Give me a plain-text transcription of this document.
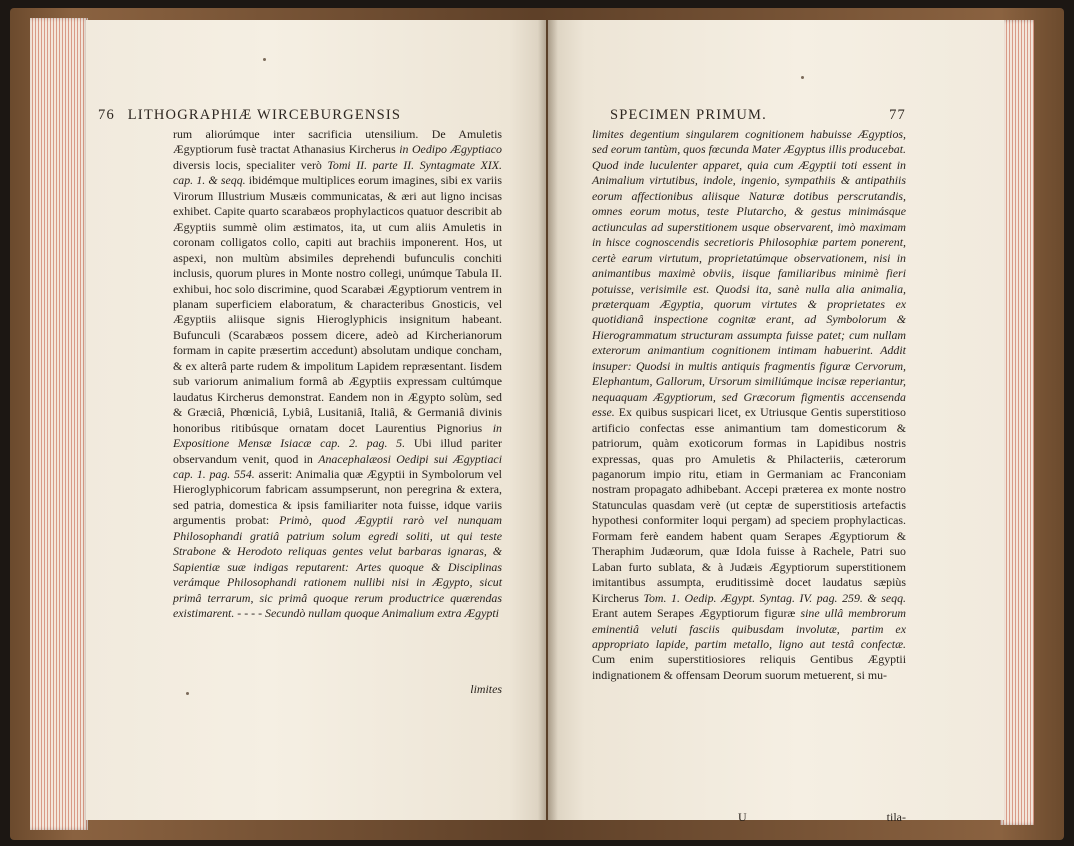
76 LITHOGRAPHIÆ WIRCEBURGENSIS	SPECIMEN PRIMUM.	77

rum aliorúmque inter sacrificia utensilium. De Amuletis Ægyptiorum fusè tractat Athanasius Kircherus in Oedipo Ægyptiaco diversis locis, specialiter verò Tomi II. parte II. Syntagmate XIX. cap. 1. & seqq. ibidémque multiplices eorum imagines, sibi ex variis Virorum Illustrium Musæis communicatas, & æri aut ligno incisas exhibet. Capite quarto scarabæos prophylacticos quatuor describit ab Ægyptiis summè olim æstimatos, ita, ut cum aliis Amuletis in coronam colligatos collo, capiti aut brachiis imponerent. Hos, ut aspexi, non multùm absimiles deprehendi bufunculis conchiti inclusis, quorum plures in Monte nostro collegi, unúmque Tabula II. exhibui, hoc solo discrimine, quod Scarabæi Ægyptiorum ventrem in planam superficiem elaboratum, & characteribus Gnosticis, vel Ægyptiis aliisque signis Hieroglyphicis insignitum habeant. Bufunculi (Scarabæos possem dicere, adeò ad Kircherianorum formam in capite præsertim accedunt) absolutam undique concham, & ex alterâ parte rudem & impolitum Lapidem repræsentant. Iisdem sub variorum animalium formâ ab Ægyptiis expressam cultúmque laudatus Kircherus demonstrat. Eandem non in Ægypto solùm, sed & Græciâ, Phœniciâ, Lybiâ, Lusitaniâ, Italiâ, & Germaniâ divinis honoribus ritibúsque ornatam docet Laurentius Pignorius in Expositione Mensæ Isiacæ cap. 2. pag. 5. Ubi illud pariter observandum venit, quod in Anacephalæosi Oedipi sui Ægyptiaci cap. 1. pag. 554. asserit: Animalia quæ Ægyptii in Symbolorum vel Hieroglyphicorum fabricam assumpserunt, non peregrina & extera, sed patria, domestica & ipsis familiariter nota fuisse, idque variis argumentis probat: Primò, quod Ægyptii rarò vel nunquam Philosophandi gratiâ patrium solum egredi soliti, ut qui teste Strabone & Herodoto reliquas gentes velut barbaras ignaras, & Sapientiæ suæ indigas reputarent: Artes quoque & Disciplinas verámque Philosophandi rationem nullibi nisi in Ægypto, sicut primâ terrarum, sic primâ quoque rerum productrice quærendas existimarent. - - - - Secundò nullam quoque Animalium extra Ægypti

limites

limites degentium singularem cognitionem habuisse Ægyptios, sed eorum tantùm, quos fœcunda Mater Ægyptus illis producebat. Quod inde luculenter apparet, quia cum Ægyptii toti essent in Animalium virtutibus, indole, ingenio, sympathiis & antipathiis eorum affectionibus aliisque Naturæ dotibus perscrutandis, omnes eorum motus, teste Plutarcho, & gestus minimásque actiunculas ad superstitionem usque observarent, imò maximam in hisce cognoscendis secretioris Philosophiæ partem ponerent, certè earum virtutum, proprietatúmque observationem, nisi in animantibus maximè obviis, iisque familiaribus minimè fieri potuisse, verisimile est. Quodsi ita, sanè nulla alia animalia, præterquam Ægyptia, quorum virtutes & proprietates ex quotidianâ inspectione cognitæ erant, ad Symbolorum & Hierogrammatum structuram assumpta fuisse patet; cum nullam exterorum animantium cognitionem intimam habuerint. Addit insuper: Quodsi in multis antiquis fragmentis figuræ Cervorum, Elephantum, Gallorum, Ursorum similiúmque incisæ reperiantur, nequaquam Ægyptiorum, sed Græcorum figmentis accensenda esse. Ex quibus suspicari licet, ex Utriusque Gentis superstitioso artificio confectas esse animantium tam domesticorum & patriorum, quàm exoticorum formas in Lapidibus nostris expressas, quas pro Amuletis & Philacteriis, cæterorum paganorum impio ritu, etiam in Germaniam ac Franconiam nostram propagato adhibebant. Accepi præterea ex monte nostro Statunculas quasdam verè (ut ceptæ de superstitiosis artefactis hypothesi conformiter loqui pergam) ad speciem prophylacticas. Formam ferè eandem habent quam Serapes Ægyptiorum & Theraphim Judæorum, quæ Idola fuisse à Rachele, Patri suo Laban furto sublata, & à Judæis Ægyptiorum superstitionem imitantibus assumpta, eruditissimè docet laudatus sæpiùs Kircherus Tom. 1. Oedip. Ægypt. Syntag. IV. pag. 259. & seqq. Erant autem Serapes Ægyptiorum figuræ sine ullâ membrorum eminentiâ veluti fasciis quibusdam involutæ, partim ex appropriato lapide, partim metallo, ligno aut testâ confectæ. Cum enim superstitiosiores reliquis Gentibus Ægyptii indignationem & offensam Deorum suorum metuerent, si mu-

U	tila-
